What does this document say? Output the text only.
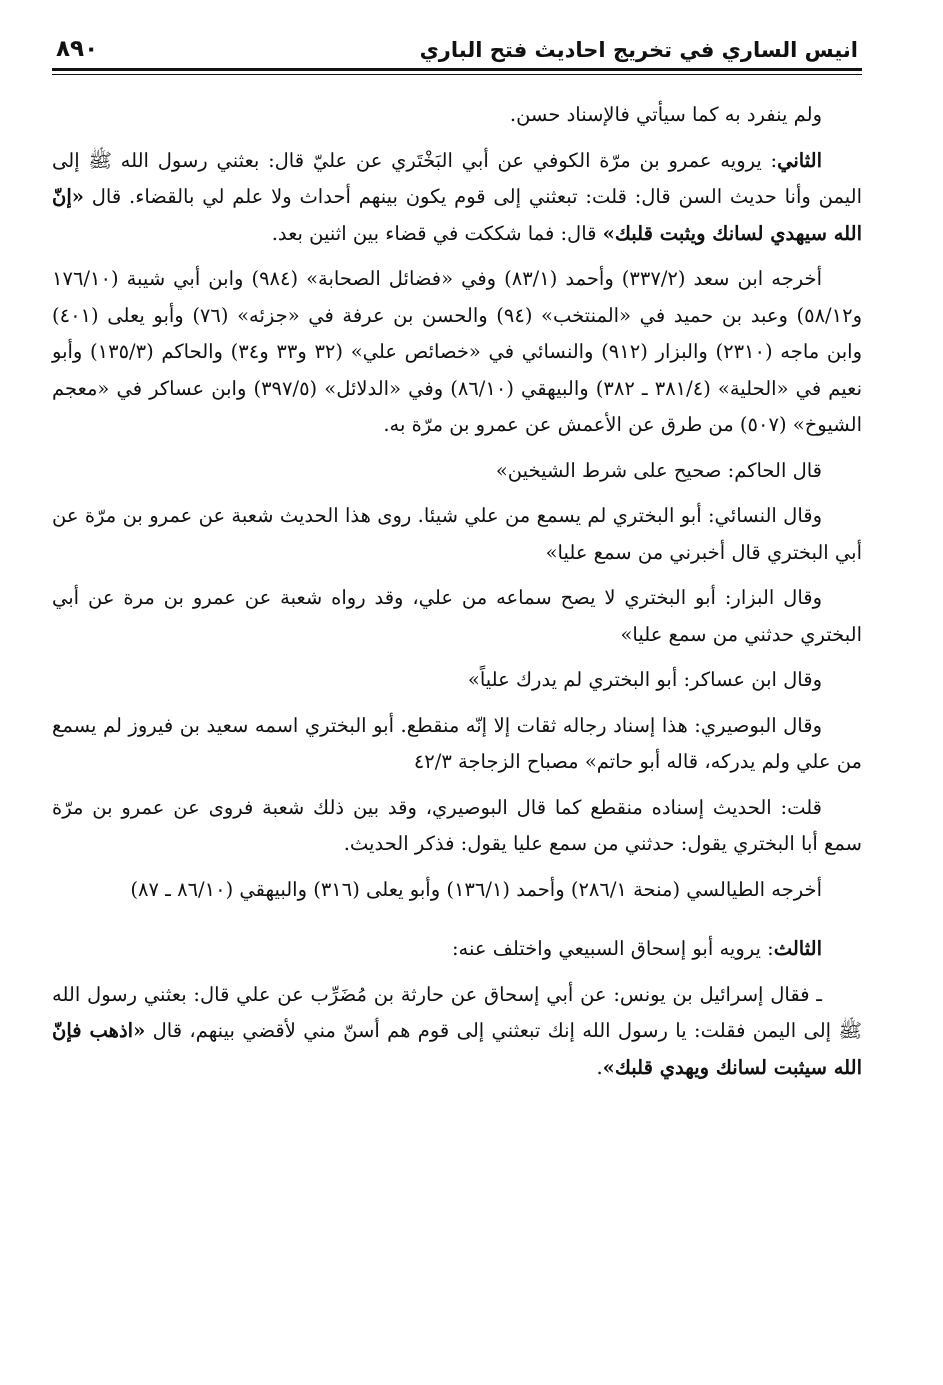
انيس الساري في تخريج احاديث فتح الباري
٨٩٠

ولم ينفرد به كما سيأتي فالإسناد حسن.

الثاني: يرويه عمرو بن مرّة الكوفي عن أبي البَخْتَري عن عليّ قال: بعثني رسول الله ﷺ إلى اليمن وأنا حديث السن قال: قلت: تبعثني إلى قوم يكون بينهم أحداث ولا علم لي بالقضاء. قال «إنّ الله سيهدي لسانك ويثبت قلبك» قال: فما شككت في قضاء بين اثنين بعد.

أخرجه ابن سعد (٣٣٧/٢) وأحمد (٨٣/١) وفي «فضائل الصحابة» (٩٨٤) وابن أبي شيبة (١٧٦/١٠ و٥٨/١٢) وعبد بن حميد في «المنتخب» (٩٤) والحسن بن عرفة في «جزئه» (٧٦) وأبو يعلى (٤٠١) وابن ماجه (٢٣١٠) والبزار (٩١٢) والنسائي في «خصائص علي» (٣٢ و٣٣ و٣٤) والحاكم (١٣٥/٣) وأبو نعيم في «الحلية» (٣٨١/٤ ـ ٣٨٢) والبيهقي (٨٦/١٠) وفي «الدلائل» (٣٩٧/٥) وابن عساكر في «معجم الشيوخ» (٥٠٧) من طرق عن الأعمش عن عمرو بن مرّة به.

قال الحاكم: صحيح على شرط الشيخين»

وقال النسائي: أبو البختري لم يسمع من علي شيئا. روى هذا الحديث شعبة عن عمرو بن مرّة عن أبي البختري قال أخبرني من سمع عليا»

وقال البزار: أبو البختري لا يصح سماعه من علي، وقد رواه شعبة عن عمرو بن مرة عن أبي البختري حدثني من سمع عليا»

وقال ابن عساكر: أبو البختري لم يدرك علياً»

وقال البوصيري: هذا إسناد رجاله ثقات إلا إنّه منقطع. أبو البختري اسمه سعيد بن فيروز لم يسمع من علي ولم يدركه، قاله أبو حاتم» مصباح الزجاجة ٤٢/٣

قلت: الحديث إسناده منقطع كما قال البوصيري، وقد بين ذلك شعبة فروى عن عمرو بن مرّة سمع أبا البختري يقول: حدثني من سمع عليا يقول: فذكر الحديث.

أخرجه الطيالسي (منحة ٢٨٦/١) وأحمد (١٣٦/١) وأبو يعلى (٣١٦) والبيهقي (٨٦/١٠ ـ ٨٧)

الثالث: يرويه أبو إسحاق السبيعي واختلف عنه:

ـ فقال إسرائيل بن يونس: عن أبي إسحاق عن حارثة بن مُضَرِّب عن علي قال: بعثني رسول الله ﷺ إلى اليمن فقلت: يا رسول الله إنك تبعثني إلى قوم هم أسنّ مني لأقضي بينهم، قال «اذهب فإنّ الله سيثبت لسانك ويهدي قلبك».
